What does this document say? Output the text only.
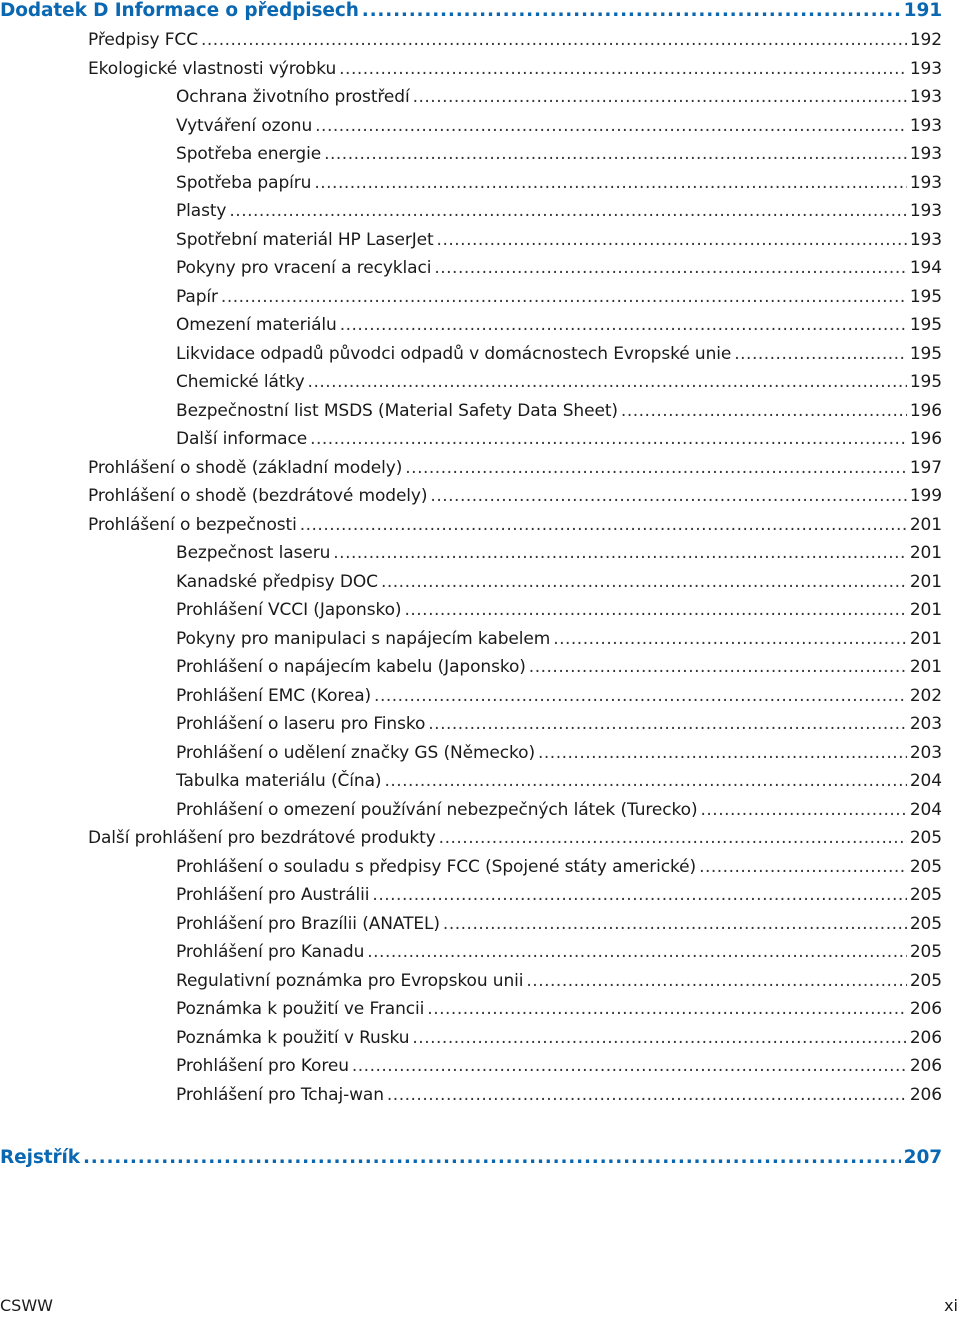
Dodatek D Informace o předpisech .....	191
Předpisy FCC .....	192
Ekologické vlastnosti výrobku .....	193
Ochrana životního prostředí .....	193
Vytváření ozonu .....	193
Spotřeba energie .....	193
Spotřeba papíru .....	193
Plasty .....	193
Spotřební materiál HP LaserJet .....	193
Pokyny pro vracení a recyklaci .....	194
Papír .....	195
Omezení materiálu .....	195
Likvidace odpadů původci odpadů v domácnostech Evropské unie .....	195
Chemické látky .....	195
Bezpečnostní list MSDS (Material Safety Data Sheet) .....	196
Další informace .....	196
Prohlášení o shodě (základní modely) .....	197
Prohlášení o shodě (bezdrátové modely) .....	199
Prohlášení o bezpečnosti .....	201
Bezpečnost laseru .....	201
Kanadské předpisy DOC .....	201
Prohlášení VCCI (Japonsko) .....	201
Pokyny pro manipulaci s napájecím kabelem .....	201
Prohlášení o napájecím kabelu (Japonsko) .....	201
Prohlášení EMC (Korea) .....	202
Prohlášení o laseru pro Finsko .....	203
Prohlášení o udělení značky GS (Německo) .....	203
Tabulka materiálu (Čína) .....	204
Prohlášení o omezení používání nebezpečných látek (Turecko) .....	204
Další prohlášení pro bezdrátové produkty .....	205
Prohlášení o souladu s předpisy FCC (Spojené státy americké) .....	205
Prohlášení pro Austrálii .....	205
Prohlášení pro Brazílii (ANATEL) .....	205
Prohlášení pro Kanadu .....	205
Regulativní poznámka pro Evropskou unii .....	205
Poznámka k použití ve Francii .....	206
Poznámka k použití v Rusku .....	206
Prohlášení pro Koreu .....	206
Prohlášení pro Tchaj-wan .....	206
Rejstřík .....	207
CSWW	xi
